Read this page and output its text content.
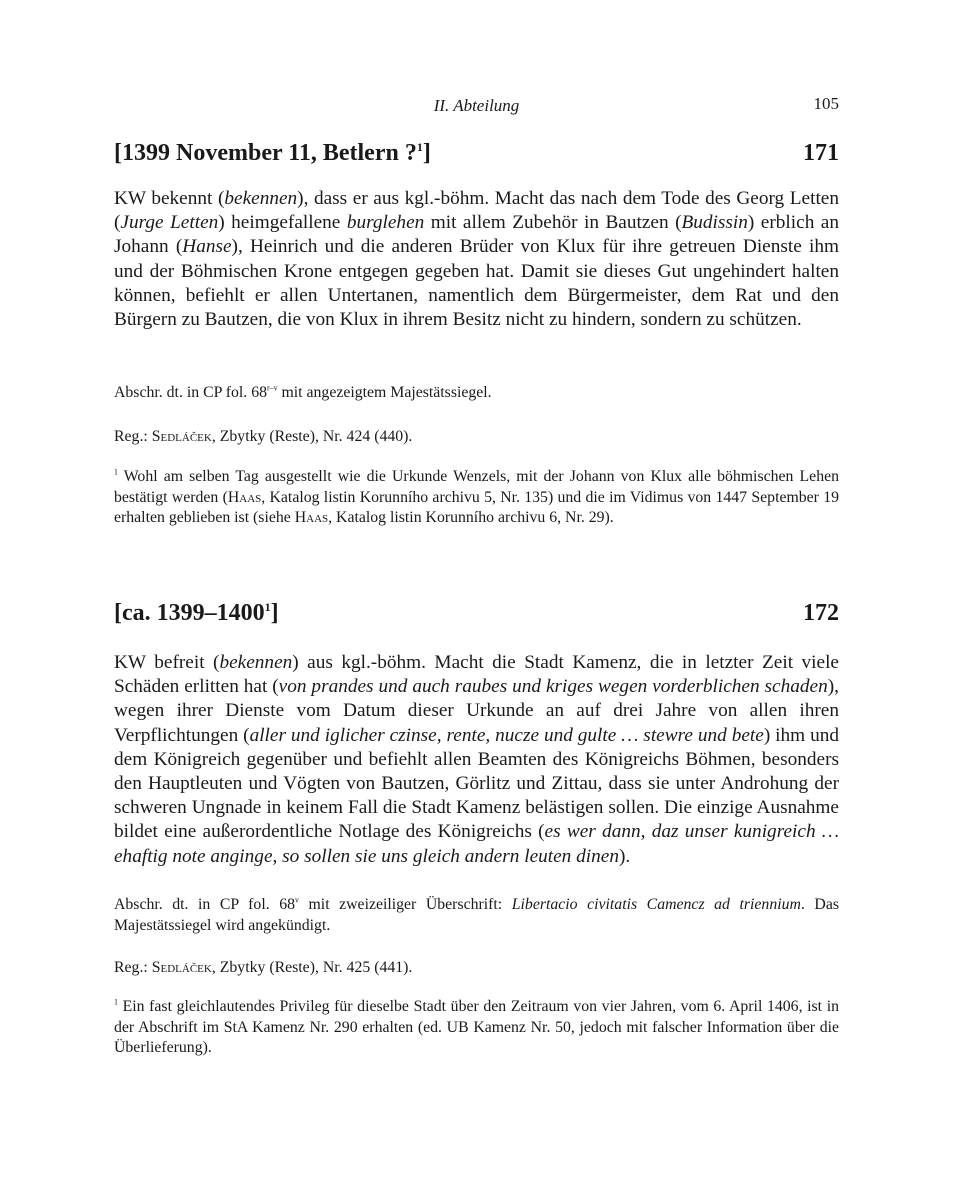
II. Abteilung	105
[1399 November 11, Betlern ?$^1$]	171

KW bekennt (bekennen), dass er aus kgl.-böhm. Macht das nach dem Tode des Georg Letten (Jurge Letten) heimgefallene burglehen mit allem Zubehör in Bautzen (Budissin) erblich an Johann (Hanse), Heinrich und die anderen Brüder von Klux für ihre getreuen Dienste ihm und der Böhmischen Krone entgegen gegeben hat. Damit sie dieses Gut ungehindert halten können, befiehlt er allen Untertanen, namentlich dem Bürgermeister, dem Rat und den Bürgern zu Bautzen, die von Klux in ihrem Besitz nicht zu hindern, sondern zu schützen.

Abschr. dt. in CP fol. 68$^{r-v}$ mit angezeigtem Majestätssiegel.

Reg.: Sedláček, Zbytky (Reste), Nr. 424 (440).

$^1$ Wohl am selben Tag ausgestellt wie die Urkunde Wenzels, mit der Johann von Klux alle böhmischen Lehen bestätigt werden (Haas, Katalog listin Korunního archivu 5, Nr. 135) und die im Vidimus von 1447 September 19 erhalten geblieben ist (siehe Haas, Katalog listin Korunního archivu 6, Nr. 29).

[ca. 1399–1400$^1$]	172

KW befreit (bekennen) aus kgl.-böhm. Macht die Stadt Kamenz, die in letzter Zeit viele Schäden erlitten hat (von prandes und auch raubes und kriges wegen vorderblichen schaden), wegen ihrer Dienste vom Datum dieser Urkunde an auf drei Jahre von allen ihren Verpflichtungen (aller und iglicher czinse, rente, nucze und gulte … stewre und bete) ihm und dem Königreich gegenüber und befiehlt allen Beamten des Königreichs Böhmen, besonders den Hauptleuten und Vögten von Bautzen, Görlitz und Zittau, dass sie unter Androhung der schweren Ungnade in keinem Fall die Stadt Kamenz belästigen sollen. Die einzige Ausnahme bildet eine außerordentliche Notlage des Königreichs (es wer dann, daz unser kunigreich … ehaftig note anginge, so sollen sie uns gleich andern leuten dinen).

Abschr. dt. in CP fol. 68$^v$ mit zweizeiliger Überschrift: Libertacio civitatis Camencz ad triennium. Das Majestätssiegel wird angekündigt.

Reg.: Sedláček, Zbytky (Reste), Nr. 425 (441).

$^1$ Ein fast gleichlautendes Privileg für dieselbe Stadt über den Zeitraum von vier Jahren, vom 6. April 1406, ist in der Abschrift im StA Kamenz Nr. 290 erhalten (ed. UB Kamenz Nr. 50, jedoch mit falscher Information über die Überlieferung).
